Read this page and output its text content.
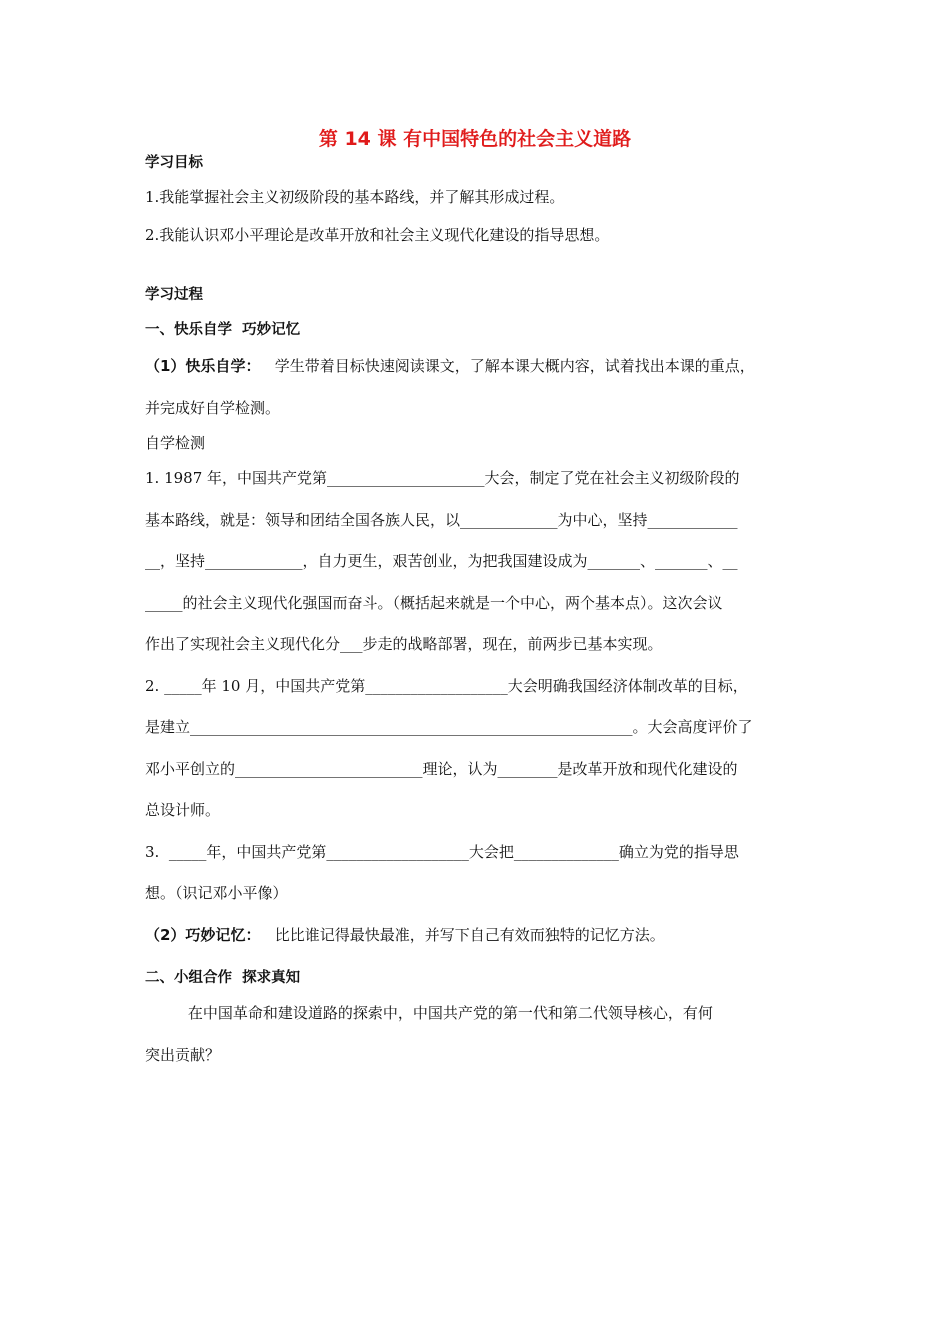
第 14 课 有中国特色的社会主义道路
学习目标
1.我能掌握社会主义初级阶段的基本路线，并了解其形成过程。
2.我能认识邓小平理论是改革开放和社会主义现代化建设的指导思想。
学习过程
一、快乐自学  巧妙记忆

（1）快乐自学：   学生带着目标快速阅读课文，了解本课大概内容，试着找出本课的重点，

并完成好自学检测。

自学检测

1. 1987 年，中国共产党第_____________________大会，制定了党在社会主义初级阶段的

基本路线，就是：领导和团结全国各族人民，以_____________为中心，坚持____________

__，坚持_____________，自力更生，艰苦创业，为把我国建设成为_______、_______、__

_____的社会主义现代化强国而奋斗。（概括起来就是一个中心，两个基本点）。这次会议

作出了实现社会主义现代化分___步走的战略部署，现在，前两步已基本实现。

2. _____年 10 月，中国共产党第___________________大会明确我国经济体制改革的目标，

是建立___________________________________________________________。大会高度评价了

邓小平创立的_________________________理论，认为________是改革开放和现代化建设的

总设计师。

3.  _____年，中国共产党第___________________大会把______________确立为党的指导思

想。（识记邓小平像）

（2）巧妙记忆：   比比谁记得最快最准，并写下自己有效而独特的记忆方法。

二、小组合作  探求真知

在中国革命和建设道路的探索中，中国共产党的第一代和第二代领导核心，有何

突出贡献？
